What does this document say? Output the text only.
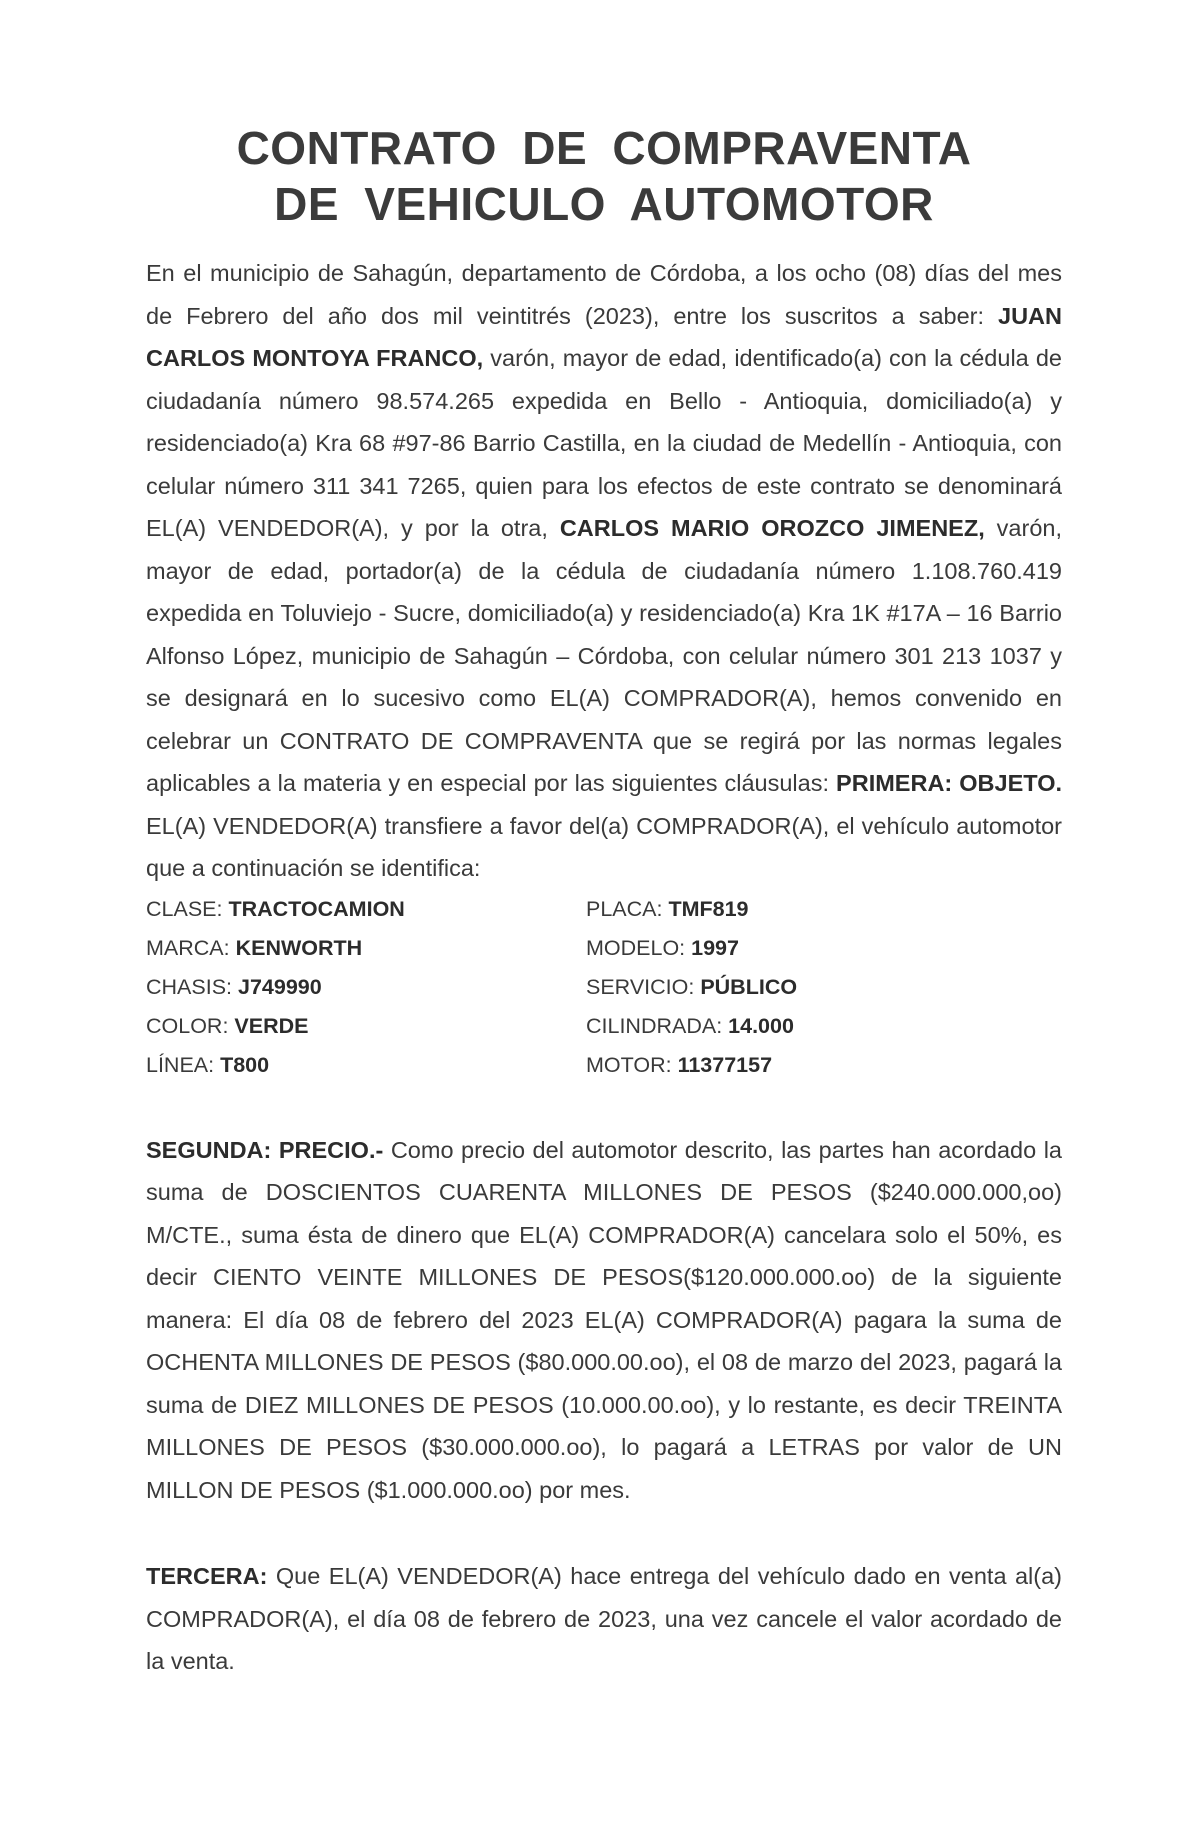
CONTRATO DE COMPRAVENTA
DE VEHICULO AUTOMOTOR

En el municipio de Sahagún, departamento de Córdoba, a los ocho (08) días del mes de Febrero del año dos mil veintitrés (2023), entre los suscritos a saber: JUAN CARLOS MONTOYA FRANCO, varón, mayor de edad, identificado(a) con la cédula de ciudadanía número 98.574.265 expedida en Bello - Antioquia, domiciliado(a) y residenciado(a) Kra 68 #97-86 Barrio Castilla, en la ciudad de Medellín - Antioquia, con celular número 311 341 7265, quien para los efectos de este contrato se denominará EL(A) VENDEDOR(A), y por la otra, CARLOS MARIO OROZCO JIMENEZ, varón, mayor de edad, portador(a) de la cédula de ciudadanía número 1.108.760.419 expedida en Toluviejo - Sucre, domiciliado(a) y residenciado(a) Kra 1K #17A – 16 Barrio Alfonso López, municipio de Sahagún – Córdoba, con celular número 301 213 1037 y se designará en lo sucesivo como EL(A) COMPRADOR(A), hemos convenido en celebrar un CONTRATO DE COMPRAVENTA que se regirá por las normas legales aplicables a la materia y en especial por las siguientes cláusulas: PRIMERA: OBJETO. EL(A) VENDEDOR(A) transfiere a favor del(a) COMPRADOR(A), el vehículo automotor que a continuación se identifica:

CLASE: TRACTOCAMION	PLACA: TMF819
MARCA: KENWORTH	MODELO: 1997
CHASIS: J749990	SERVICIO: PÚBLICO
COLOR: VERDE	CILINDRADA: 14.000
LÍNEA: T800	MOTOR: 11377157

SEGUNDA: PRECIO.- Como precio del automotor descrito, las partes han acordado la suma de DOSCIENTOS CUARENTA MILLONES DE PESOS ($240.000.000,oo) M/CTE., suma ésta de dinero que EL(A) COMPRADOR(A) cancelara solo el 50%, es decir CIENTO VEINTE MILLONES DE PESOS($120.000.000.oo) de la siguiente manera: El día 08 de febrero del 2023 EL(A) COMPRADOR(A) pagara la suma de OCHENTA MILLONES DE PESOS ($80.000.00.oo), el 08 de marzo del 2023, pagará la suma de DIEZ MILLONES DE PESOS (10.000.00.oo), y lo restante, es decir TREINTA MILLONES DE PESOS ($30.000.000.oo), lo pagará a LETRAS por valor de UN MILLON DE PESOS ($1.000.000.oo) por mes.

TERCERA: Que EL(A) VENDEDOR(A) hace entrega del vehículo dado en venta al(a) COMPRADOR(A), el día 08 de febrero de 2023, una vez cancele el valor acordado de la venta.
